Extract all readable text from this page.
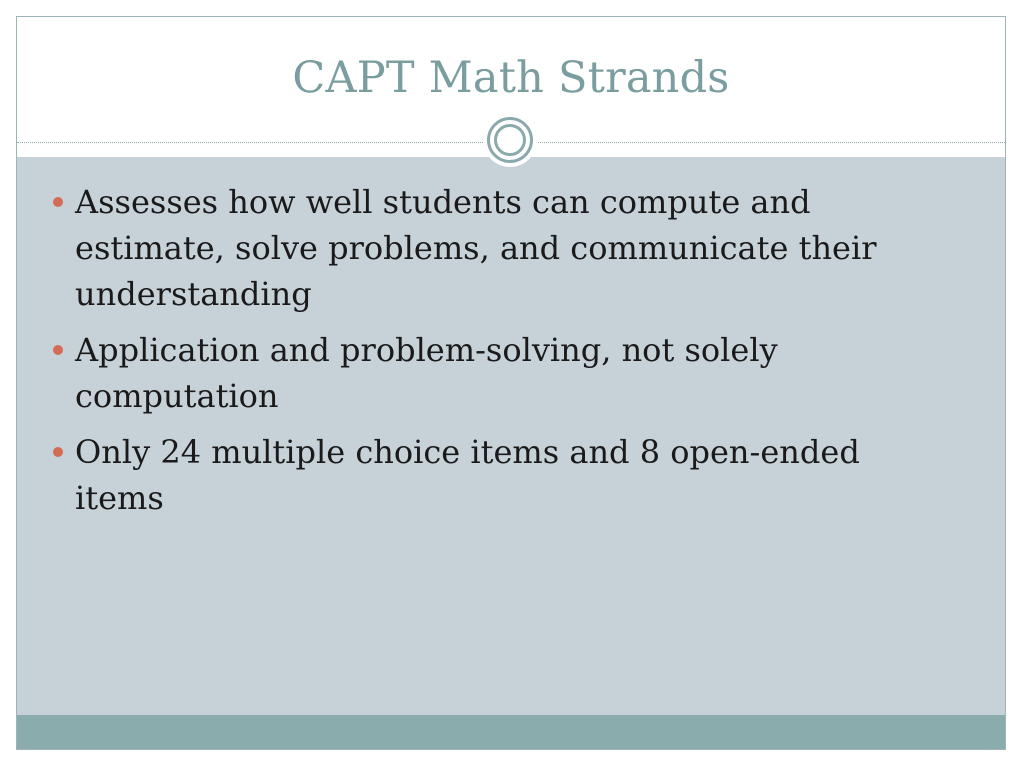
CAPT Math Strands
Assesses how well students can compute and estimate, solve problems, and communicate their understanding
Application and problem-solving, not solely computation
Only 24 multiple choice items and 8 open-ended items
